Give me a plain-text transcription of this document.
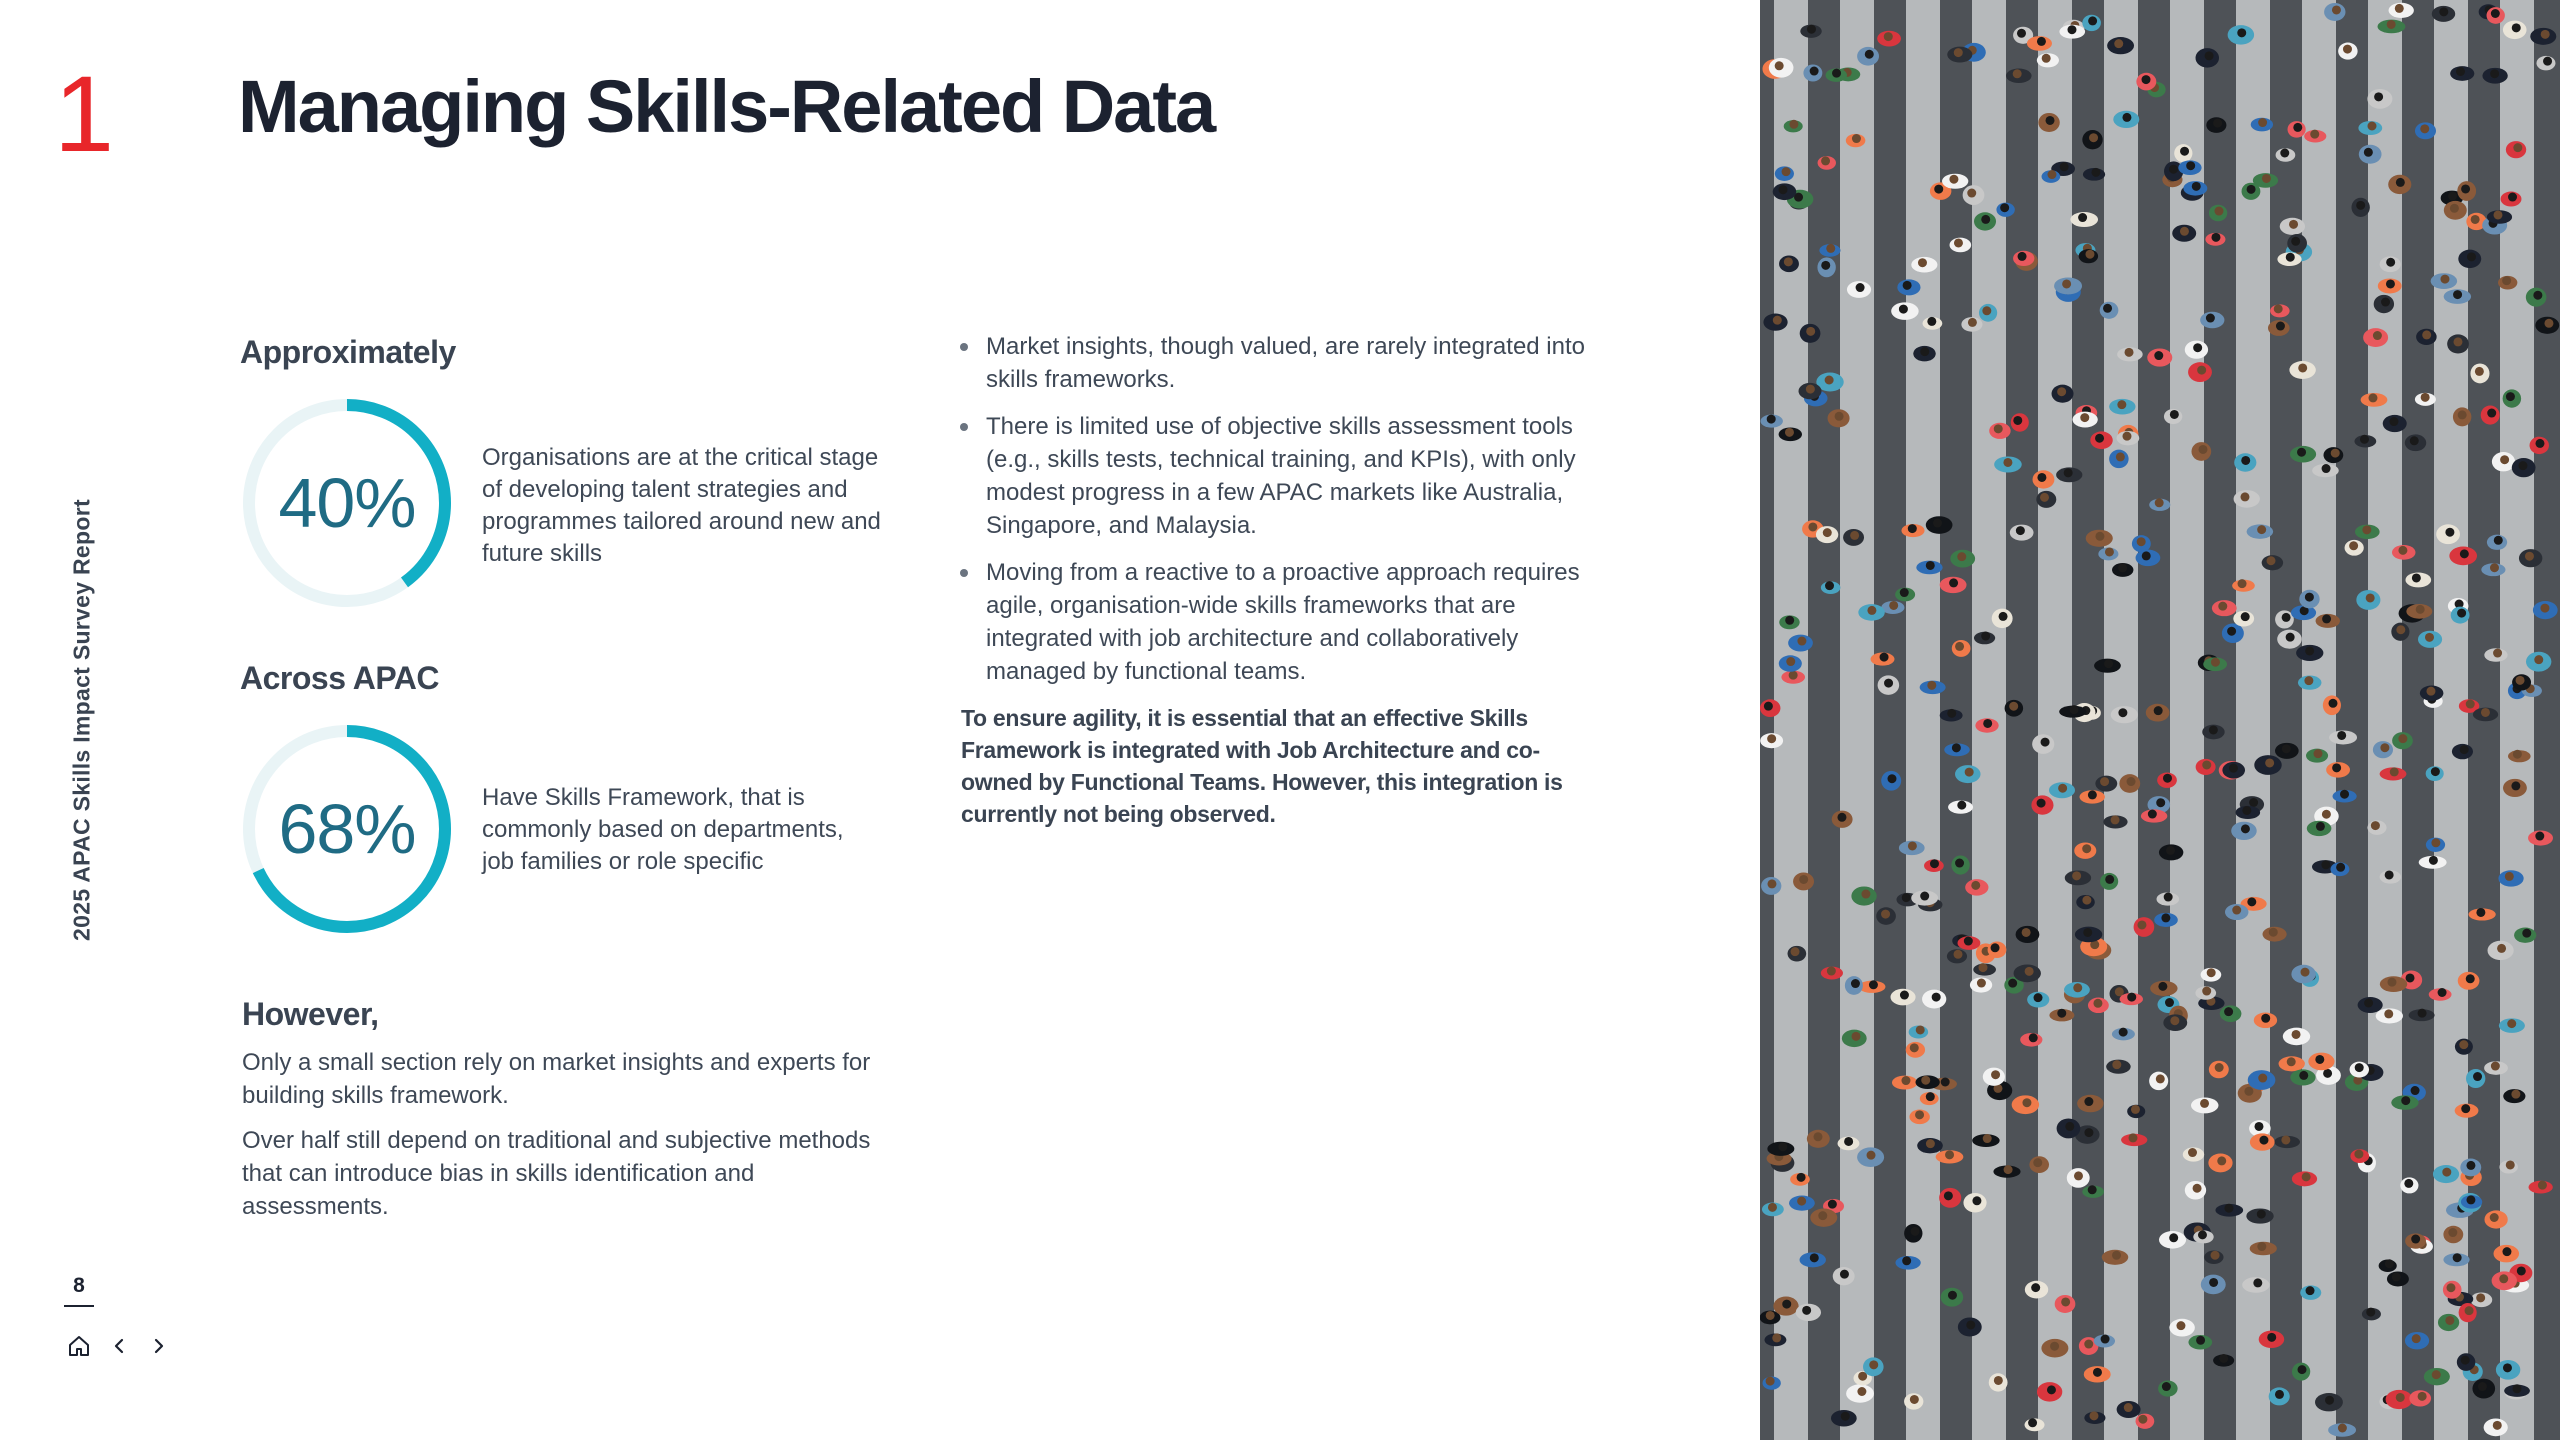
1
2025 APAC Skills Impact Survey Report
8
Managing Skills-Related Data
Approximately
40%
Organisations are at the critical stage of developing talent strategies and programmes tailored around new and future skills
Across APAC
68%	Have Skills Framework, that is commonly based on departments, job families or role specific
However,

Only a small section rely on market insights and experts for building skills framework.

Over half still depend on traditional and subjective methods that can introduce bias in skills identification and assessments.

Market insights, though valued, are rarely integrated into skills frameworks.
There is limited use of objective skills assessment tools (e.g., skills tests, technical training, and KPIs), with only modest progress in a few APAC markets like Australia, Singapore, and Malaysia.
Moving from a reactive to a proactive approach requires agile, organisation-wide skills frameworks that are integrated with job architecture and collaboratively managed by functional teams.

To ensure agility, it is essential that an effective Skills Framework is integrated with Job Architecture and co-owned by Functional Teams. However, this integration is currently not being observed.
